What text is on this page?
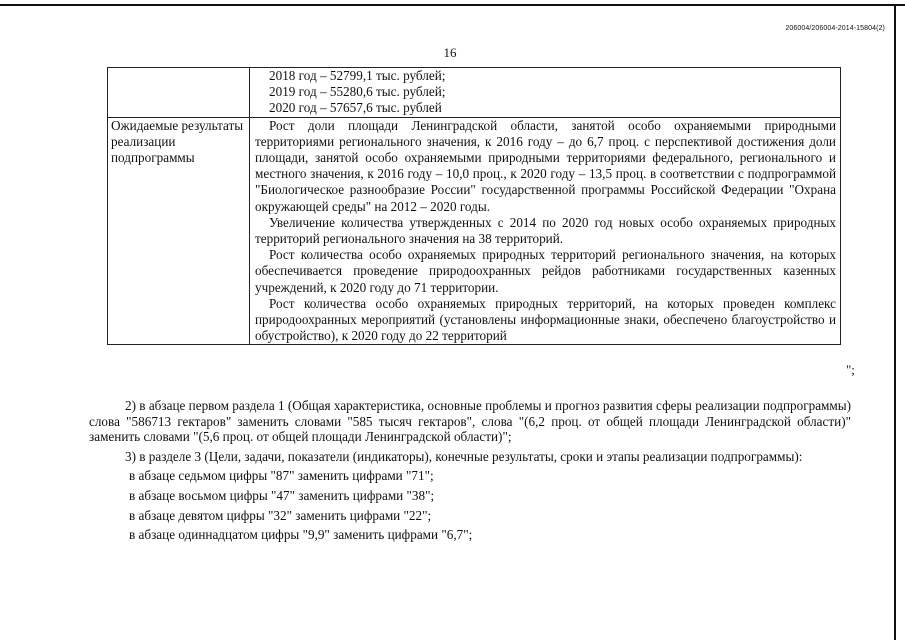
206004/206004-2014-15804(2)
16

	2018 год – 52799,1 тыс. рублей;
2019 год – 55280,6 тыс. рублей;
2020 год – 57657,6 тыс. рублей

Ожидаемые результаты реализации подпрограммы	Рост доли площади Ленинградской области, занятой особо охраняемыми природными территориями регионального значения, к 2016 году – до 6,7 проц. с перспективой достижения доли площади, занятой особо охраняемыми природными территориями федерального, регионального и местного значения, к 2016 году – 10,0 проц., к 2020 году – 13,5 проц. в соответствии с подпрограммой "Биологическое разнообразие России" государственной программы Российской Федерации "Охрана окружающей среды" на 2012 – 2020 годы.

Увеличение количества утвержденных с 2014 по 2020 год новых особо охраняемых природных территорий регионального значения на 38 территорий.

Рост количества особо охраняемых природных территорий регионального значения, на которых обеспечивается проведение природоохранных рейдов работниками государственных казенных учреждений, к 2020 году до 71 территории.

Рост количества особо охраняемых природных территорий, на которых проведен комплекс природоохранных мероприятий (установлены информационные знаки, обеспечено благоустройство и обустройство), к 2020 году до 22 территорий

";

2) в абзаце первом раздела 1 (Общая характеристика, основные проблемы и прогноз развития сферы реализации подпрограммы) слова "586713 гектаров" заменить словами "585 тысяч гектаров", слова "(6,2 проц. от общей площади Ленинградской области)" заменить словами "(5,6 проц. от общей площади Ленинградской области)";

3) в разделе 3 (Цели, задачи, показатели (индикаторы), конечные результаты, сроки и этапы реализации подпрограммы):

в абзаце седьмом цифры "87" заменить цифрами "71";

в абзаце восьмом цифры "47" заменить цифрами "38";

в абзаце девятом цифры "32" заменить цифрами "22";

в абзаце одиннадцатом цифры "9,9" заменить цифрами "6,7";
